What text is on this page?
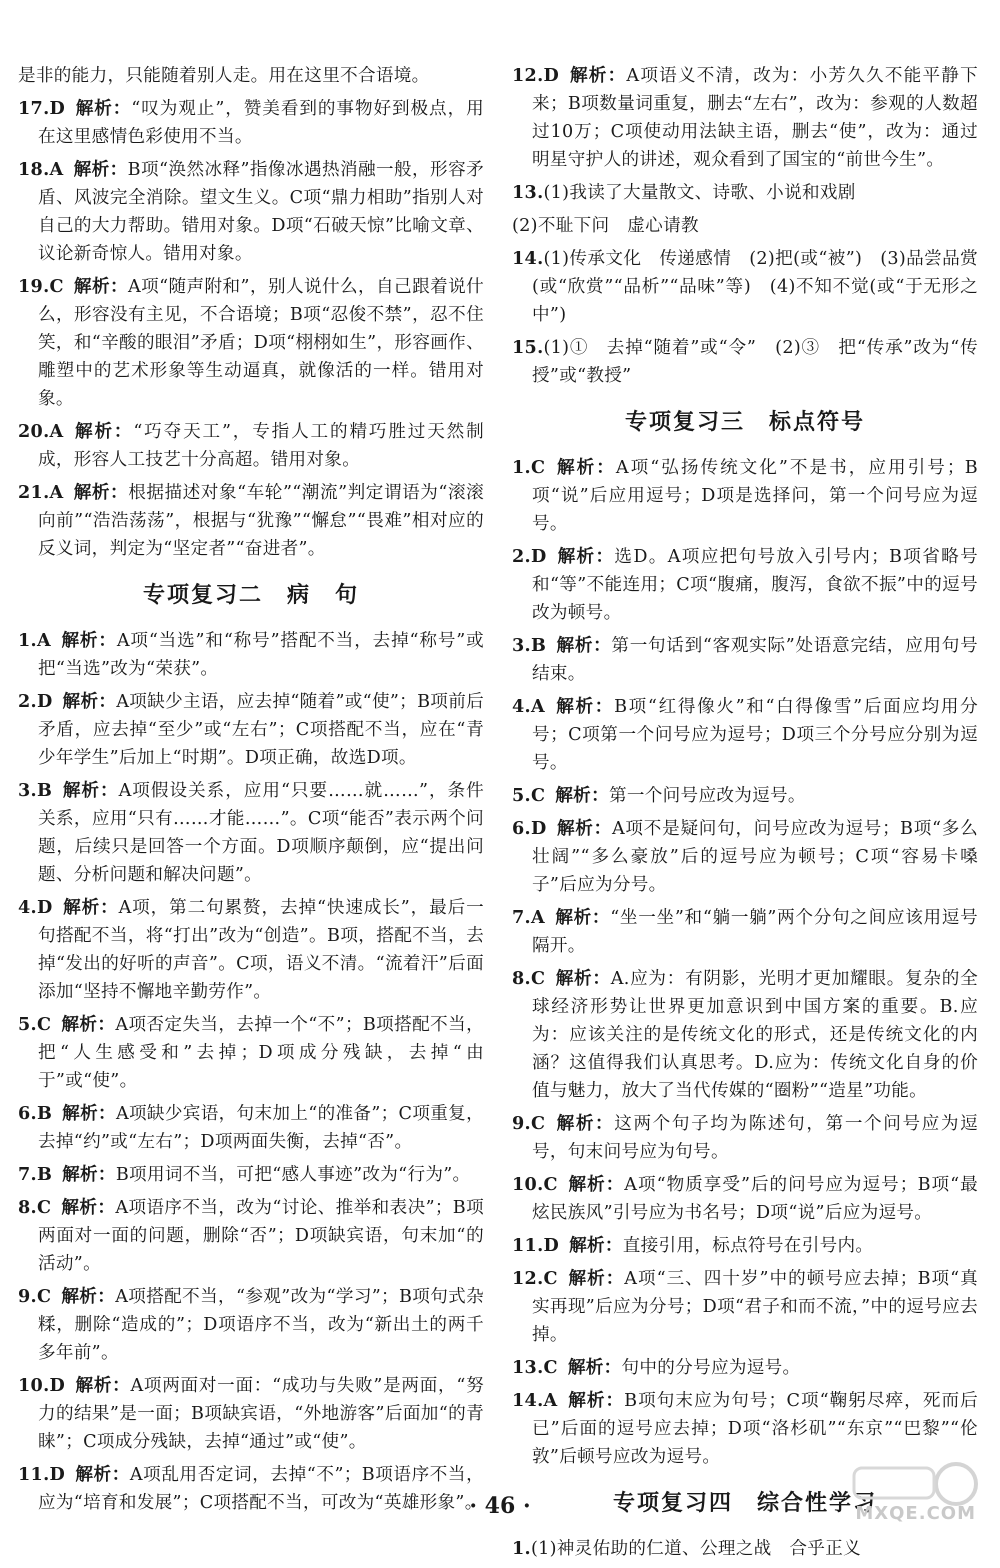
是非的能力，只能随着别人走。用在这里不合语境。
17.D 解析：“叹为观止”，赞美看到的事物好到极点，用在这里感情色彩使用不当。
18.A 解析：B项“涣然冰释”指像冰遇热消融一般，形容矛盾、风波完全消除。望文生义。C项“鼎力相助”指别人对自己的大力帮助。错用对象。D项“石破天惊”比喻文章、议论新奇惊人。错用对象。
19.C 解析：A项“随声附和”，别人说什么，自己跟着说什么，形容没有主见，不合语境；B项“忍俊不禁”，忍不住笑，和“辛酸的眼泪”矛盾；D项“栩栩如生”，形容画作、雕塑中的艺术形象等生动逼真，就像活的一样。错用对象。
20.A 解析：“巧夺天工”，专指人工的精巧胜过天然制成，形容人工技艺十分高超。错用对象。
21.A 解析：根据描述对象“车轮”“潮流”判定谓语为“滚滚向前”“浩浩荡荡”，根据与“犹豫”“懈怠”“畏难”相对应的反义词，判定为“坚定者”“奋进者”。
专项复习二　病　句
1.A 解析：A项“当选”和“称号”搭配不当，去掉“称号”或把“当选”改为“荣获”。
2.D 解析：A项缺少主语，应去掉“随着”或“使”；B项前后矛盾，应去掉“至少”或“左右”；C项搭配不当，应在“青少年学生”后加上“时期”。D项正确，故选D项。
3.B 解析：A项假设关系，应用“只要……就……”，条件关系，应用“只有……才能……”。C项“能否”表示两个问题，后续只是回答一个方面。D项顺序颠倒，应“提出问题、分析问题和解决问题”。
4.D 解析：A项，第二句累赘，去掉“快速成长”，最后一句搭配不当，将“打出”改为“创造”。B项，搭配不当，去掉“发出的好听的声音”。C项，语义不清。“流着汗”后面添加“坚持不懈地辛勤劳作”。
5.C 解析：A项否定失当，去掉一个“不”；B项搭配不当，把“人生感受和”去掉；D项成分残缺，去掉“由于”或“使”。
6.B 解析：A项缺少宾语，句末加上“的准备”；C项重复，去掉“约”或“左右”；D项两面失衡，去掉“否”。
7.B 解析：B项用词不当，可把“感人事迹”改为“行为”。
8.C 解析：A项语序不当，改为“讨论、推举和表决”；B项两面对一面的问题，删除“否”；D项缺宾语，句末加“的活动”。
9.C 解析：A项搭配不当，“参观”改为“学习”；B项句式杂糅，删除“造成的”；D项语序不当，改为“新出土的两千多年前”。
10.D 解析：A项两面对一面：“成功与失败”是两面，“努力的结果”是一面；B项缺宾语，“外地游客”后面加“的青睐”；C项成分残缺，去掉“通过”或“使”。
11.D 解析：A项乱用否定词，去掉“不”；B项语序不当，应为“培育和发展”；C项搭配不当，可改为“英雄形象”。
12.D 解析：A项语义不清，改为：小芳久久不能平静下来；B项数量词重复，删去“左右”，改为：参观的人数超过10万；C项使动用法缺主语，删去“使”，改为：通过明星守护人的讲述，观众看到了国宝的“前世今生”。
13.(1)我读了大量散文、诗歌、小说和戏剧
(2)不耻下问　虚心请教
14.(1)传承文化　传递感情　(2)把(或“被”)　(3)品尝品赏(或“欣赏”“品析”“品味”等)　(4)不知不觉(或“于无形之中”)
15.(1)①　去掉“随着”或“令”　(2)③　把“传承”改为“传授”或“教授”
专项复习三　标点符号
1.C 解析：A项“弘扬传统文化”不是书，应用引号；B项“说”后应用逗号；D项是选择问，第一个问号应为逗号。
2.D 解析：选D。A项应把句号放入引号内；B项省略号和“等”不能连用；C项“腹痛，腹泻，食欲不振”中的逗号改为顿号。
3.B 解析：第一句话到“客观实际”处语意完结，应用句号结束。
4.A 解析：B项“红得像火”和“白得像雪”后面应均用分号；C项第一个问号应为逗号；D项三个分号应分别为逗号。
5.C 解析：第一个问号应改为逗号。
6.D 解析：A项不是疑问句，问号应改为逗号；B项“多么壮阔”“多么豪放”后的逗号应为顿号；C项“容易卡嗓子”后应为分号。
7.A 解析：“坐一坐”和“躺一躺”两个分句之间应该用逗号隔开。
8.C 解析：A.应为：有阴影，光明才更加耀眼。复杂的全球经济形势让世界更加意识到中国方案的重要。B.应为：应该关注的是传统文化的形式，还是传统文化的内涵？这值得我们认真思考。D.应为：传统文化自身的价值与魅力，放大了当代传媒的“圈粉”“造星”功能。
9.C 解析：这两个句子均为陈述句，第一个问号应为逗号，句末问号应为句号。
10.C 解析：A项“物质享受”后的问号应为逗号；B项“最炫民族风”引号应为书名号；D项“说”后应为逗号。
11.D 解析：直接引用，标点符号在引号内。
12.C 解析：A项“三、四十岁”中的顿号应去掉；B项“真实再现”后应为分号；D项“君子和而不流，”中的逗号应去掉。
13.C 解析：句中的分号应为逗号。
14.A 解析：B项句末应为句号；C项“鞠躬尽瘁，死而后已”后面的逗号应去掉；D项“洛杉矶”“东京”“巴黎”“伦敦”后顿号应改为逗号。
专项复习四　综合性学习
1.(1)神灵佑助的仁道、公理之战　合乎正义
· 46 ·	MXQE.COM
